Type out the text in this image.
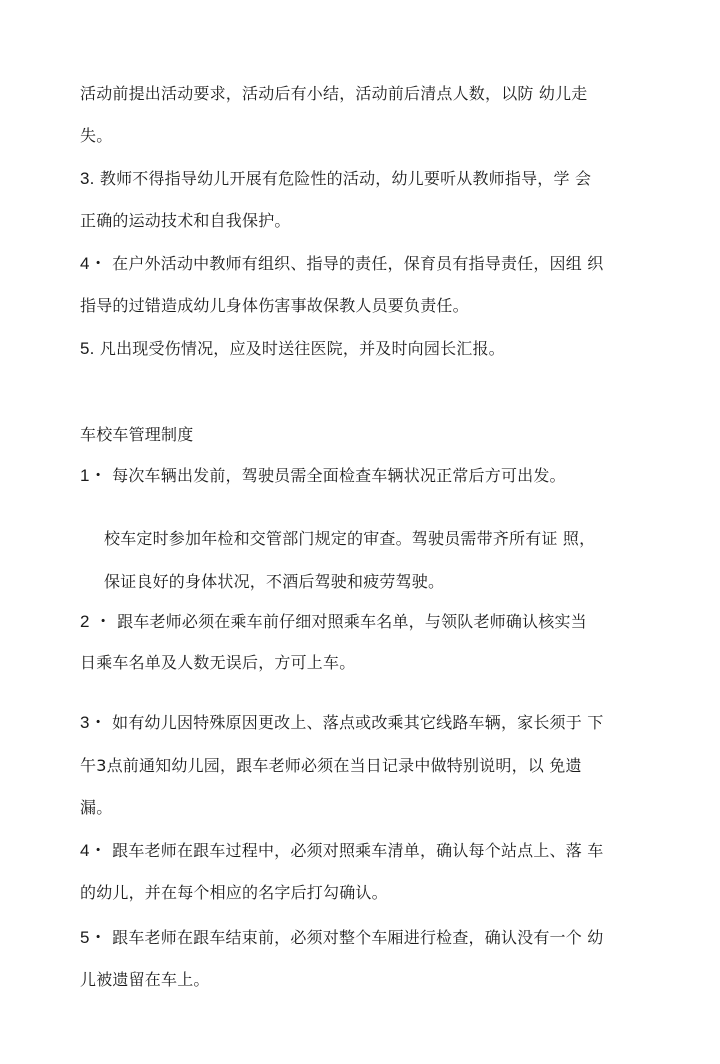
活动前提出活动要求，活动后有小结，活动前后清点人数，以防 幼儿走

失。

3. 教师不得指导幼儿开展有危险性的活动，幼儿要听从教师指导，学 会

正确的运动技术和自我保护。

4・ 在户外活动中教师有组织、指导的责任，保育员有指导责任，因组 织

指导的过错造成幼儿身体伤害事故保教人员要负责任。

5. 凡出现受伤情况，应及时送往医院，并及时向园长汇报。

车校车管理制度

1・ 每次车辆出发前，驾驶员需全面检查车辆状况正常后方可出发。

校车定时参加年检和交管部门规定的审查。驾驶员需带齐所有证 照，

保证良好的身体状况，不酒后驾驶和疲劳驾驶。

2 ・ 跟车老师必须在乘车前仔细对照乘车名单，与领队老师确认核实当

日乘车名单及人数无误后，方可上车。

3・ 如有幼儿因特殊原因更改上、落点或改乘其它线路车辆，家长须于 下

午3点前通知幼儿园，跟车老师必须在当日记录中做特别说明，以 免遗

漏。

4・ 跟车老师在跟车过程中，必须对照乘车清单，确认每个站点上、落 车

的幼儿，并在每个相应的名字后打勾确认。

5・ 跟车老师在跟车结束前，必须对整个车厢进行检查，确认没有一个 幼

儿被遗留在车上。
